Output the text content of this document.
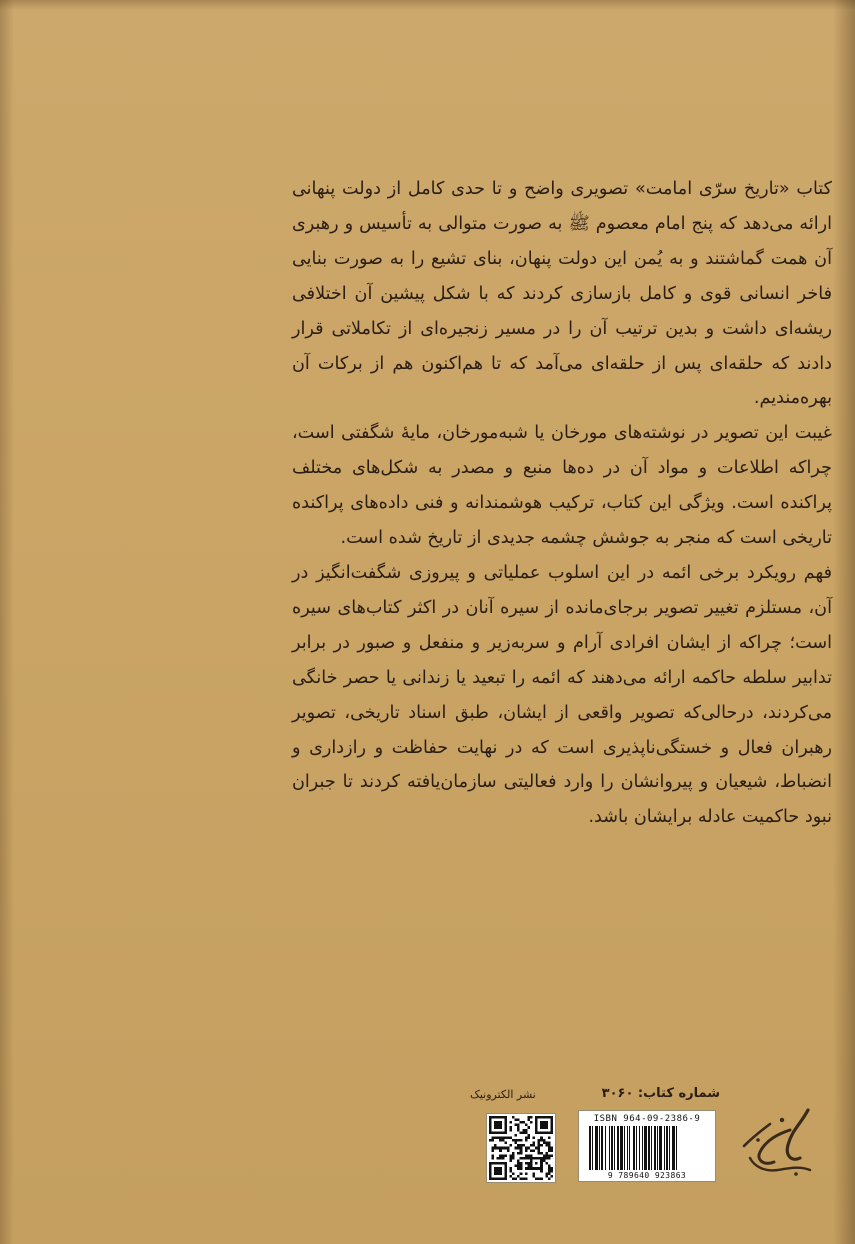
کتاب «تاریخ سرّی امامت» تصویری واضح و تا حدی کامل از دولت پنهانی ارائه می‌دهد که پنج امام معصوم ﷺ به صورت متوالی به تأسیس و رهبری آن همت گماشتند و به یُمن این دولت پنهان، بنای تشیع را به صورت بنایی فاخر انسانی قوی و کامل بازسازی کردند که با شکل پیشین آن اختلافی ریشه‌ای داشت و بدین ترتیب آن را در مسیر زنجیره‌ای از تکاملاتی قرار دادند که حلقه‌ای پس از حلقه‌ای می‌آمد که تا هم‌اکنون هم از برکات آن بهره‌مندیم.

غیبت این تصویر در نوشته‌های مورخان یا شبه‌مورخان، مایهٔ شگفتی است، چراکه اطلاعات و مواد آن در ده‌ها منبع و مصدر به شکل‌های مختلف پراکنده است. ویژگی این کتاب، ترکیب هوشمندانه و فنی داده‌های پراکنده تاریخی است که منجر به جوشش چشمه جدیدی از تاریخ شده است.

فهم رویکرد برخی ائمه در این اسلوب عملیاتی و پیروزی شگفت‌انگیز در آن، مستلزم تغییر تصویر برجای‌مانده از سیره آنان در اکثر کتاب‌های سیره است؛ چراکه از ایشان افرادی آرام و سربه‌زیر و منفعل و صبور در برابر تدابیر سلطه حاکمه ارائه می‌دهند که ائمه را تبعید یا زندانی یا حصر خانگی می‌کردند، درحالی‌که تصویر واقعی از ایشان، طبق اسناد تاریخی، تصویر رهبران فعال و خستگی‌ناپذیری است که در نهایت حفاظت و رازداری و انضباط، شیعیان و پیروانشان را وارد فعالیتی سازمان‌یافته کردند تا جبران نبود حاکمیت عادله برایشان باشد.

شماره کتاب: ۳۰۶۰
نشر الکترونیک
ISBN 964-09-2386-9
9 789640 923863
